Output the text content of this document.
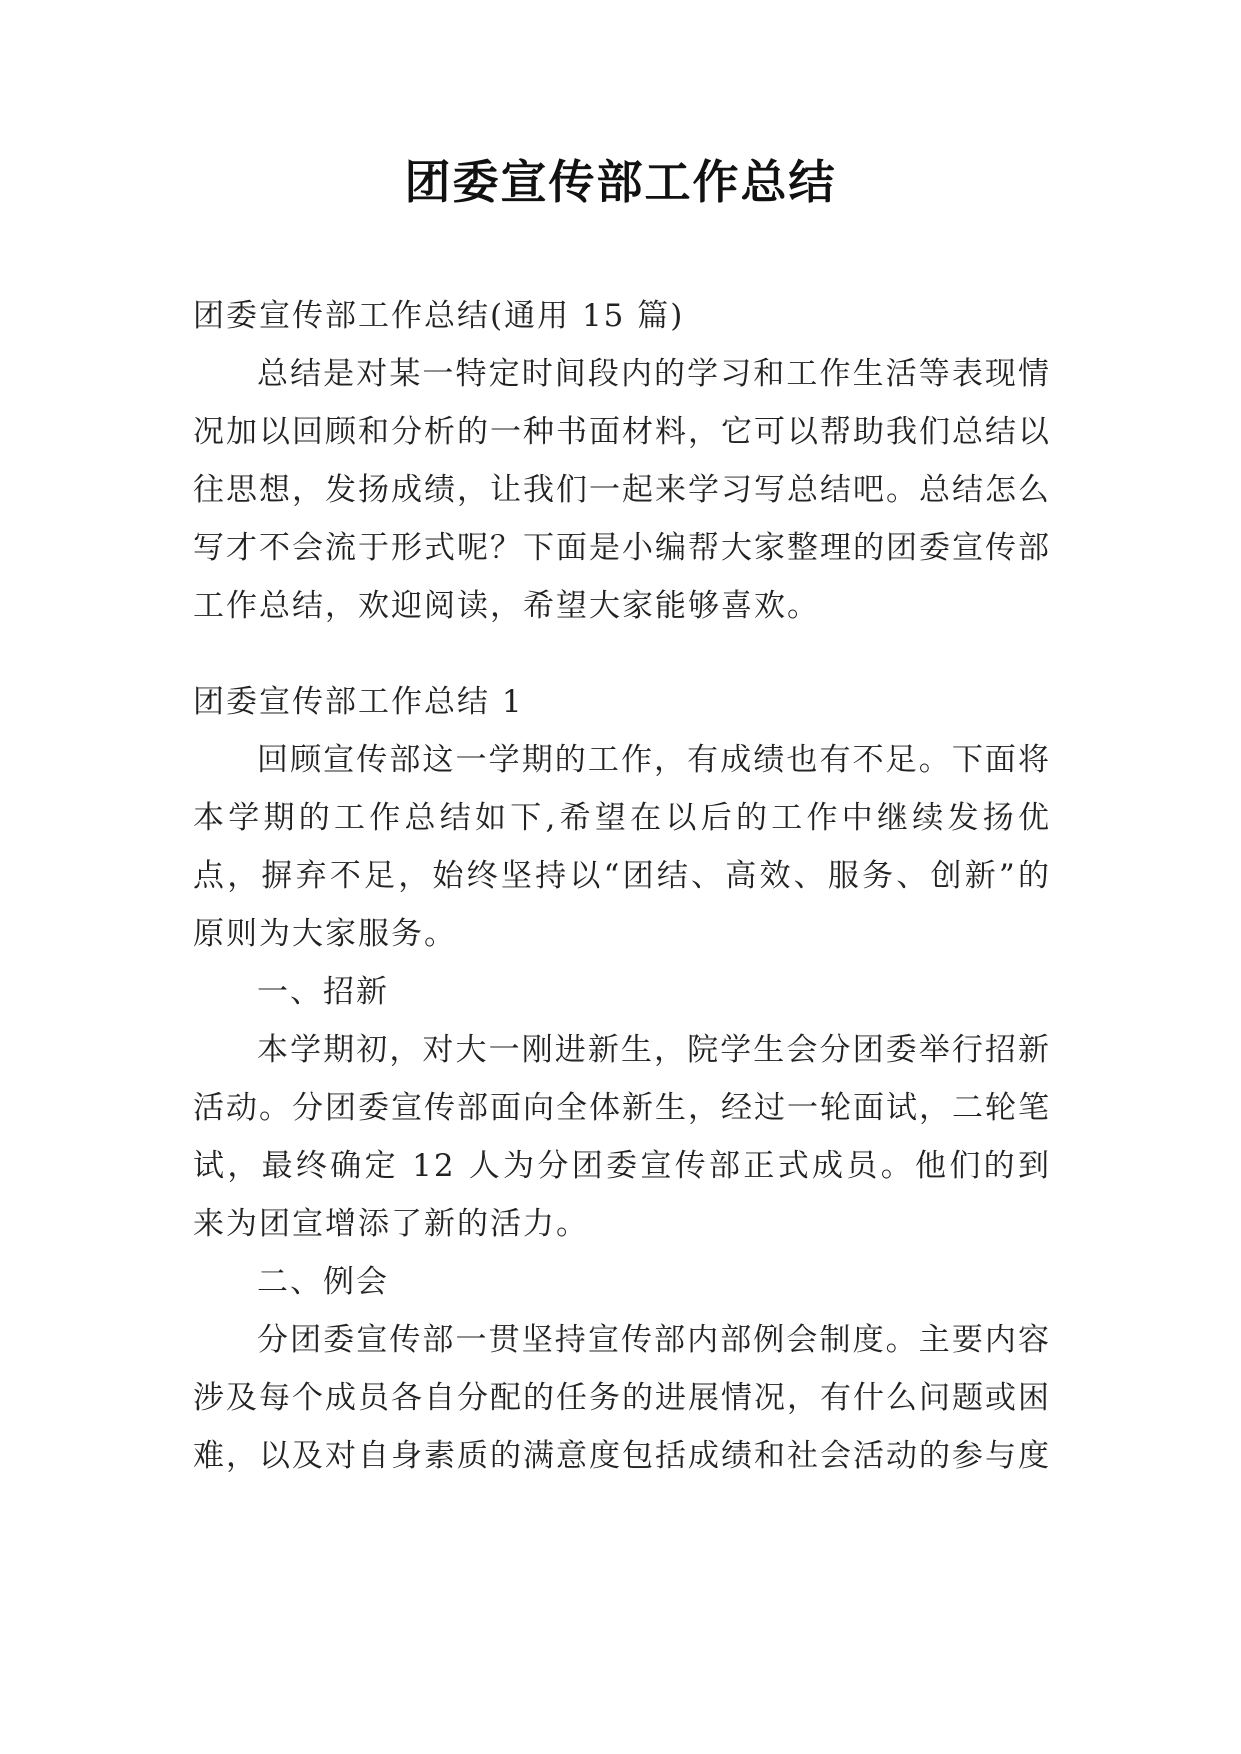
团委宣传部工作总结

团委宣传部工作总结(通用 15 篇)

总结是对某一特定时间段内的学习和工作生活等表现情况加以回顾和分析的一种书面材料，它可以帮助我们总结以往思想，发扬成绩，让我们一起来学习写总结吧。总结怎么写才不会流于形式呢？下面是小编帮大家整理的团委宣传部工作总结，欢迎阅读，希望大家能够喜欢。

团委宣传部工作总结 1

回顾宣传部这一学期的工作，有成绩也有不足。下面将本学期的工作总结如下,希望在以后的工作中继续发扬优点，摒弃不足，始终坚持以“团结、高效、服务、创新”的原则为大家服务。

一、招新

本学期初，对大一刚进新生，院学生会分团委举行招新活动。分团委宣传部面向全体新生，经过一轮面试，二轮笔试，最终确定 12 人为分团委宣传部正式成员。他们的到来为团宣增添了新的活力。

二、例会

分团委宣传部一贯坚持宣传部内部例会制度。主要内容涉及每个成员各自分配的任务的进展情况，有什么问题或困难，以及对自身素质的满意度包括成绩和社会活动的参与度
